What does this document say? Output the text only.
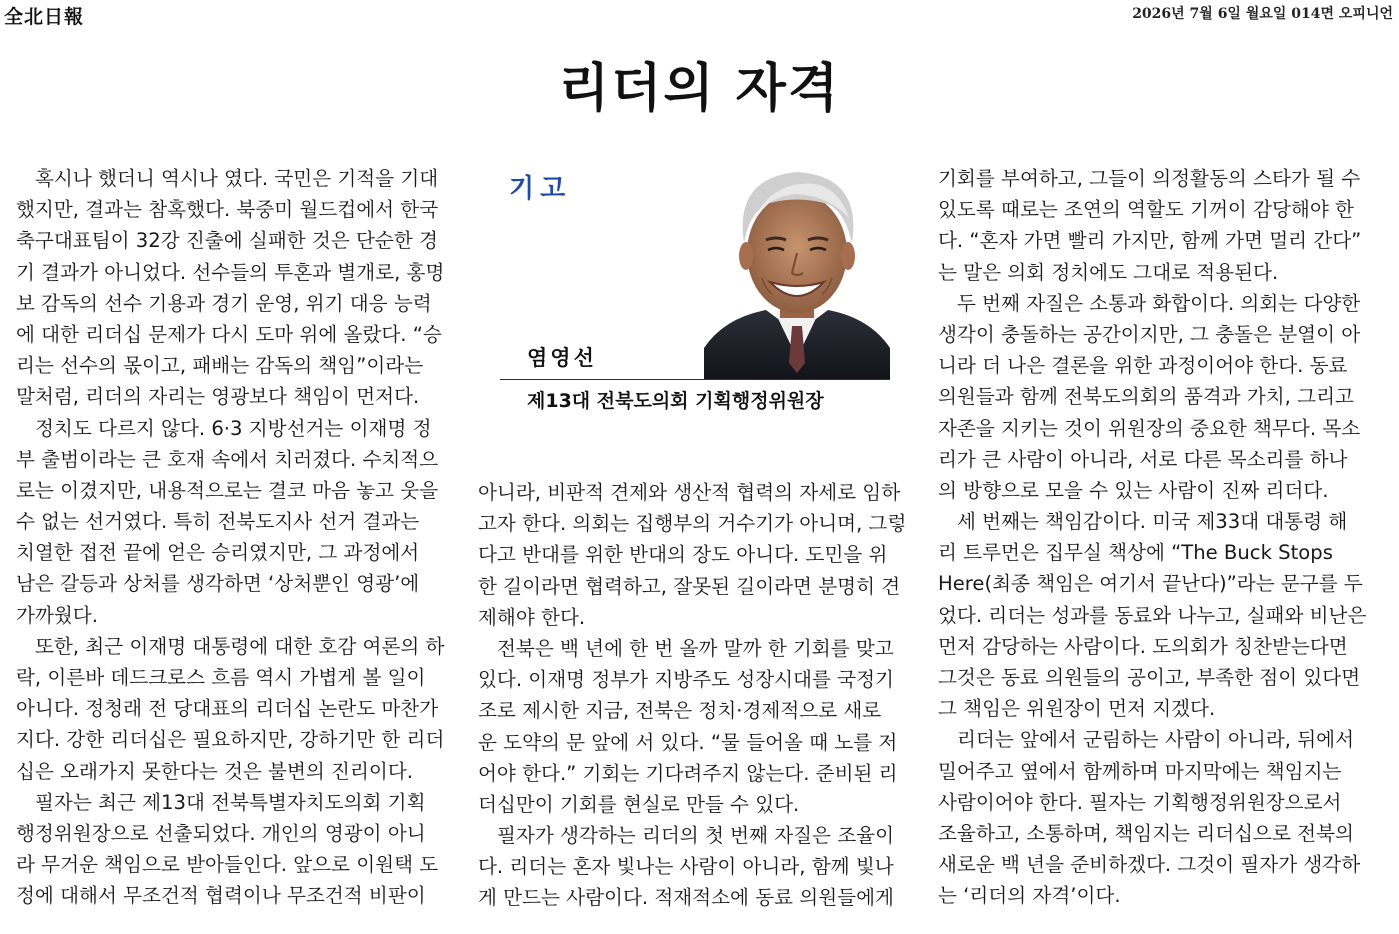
全北日報	2026년 7월 6일 월요일 014면 오피니언
리더의 자격
기고
염영선
제13대 전북도의회 기획행정위원장
혹시나 했더니 역시나 였다. 국민은 기적을 기대
했지만, 결과는 참혹했다. 북중미 월드컵에서 한국
축구대표팀이 32강 진출에 실패한 것은 단순한 경
기 결과가 아니었다. 선수들의 투혼과 별개로, 홍명
보 감독의 선수 기용과 경기 운영, 위기 대응 능력
에 대한 리더십 문제가 다시 도마 위에 올랐다. “승
리는 선수의 몫이고, 패배는 감독의 책임”이라는
말처럼, 리더의 자리는 영광보다 책임이 먼저다.
정치도 다르지 않다. 6·3 지방선거는 이재명 정
부 출범이라는 큰 호재 속에서 치러졌다. 수치적으
로는 이겼지만, 내용적으로는 결코 마음 놓고 웃을
수 없는 선거였다. 특히 전북도지사 선거 결과는
치열한 접전 끝에 얻은 승리였지만, 그 과정에서
남은 갈등과 상처를 생각하면 ‘상처뿐인 영광’에
가까웠다.
또한, 최근 이재명 대통령에 대한 호감 여론의 하
락, 이른바 데드크로스 흐름 역시 가볍게 볼 일이
아니다. 정청래 전 당대표의 리더십 논란도 마찬가
지다. 강한 리더십은 필요하지만, 강하기만 한 리더
십은 오래가지 못한다는 것은 불변의 진리이다.
필자는 최근 제13대 전북특별자치도의회 기획
행정위원장으로 선출되었다. 개인의 영광이 아니
라 무거운 책임으로 받아들인다. 앞으로 이원택 도
정에 대해서 무조건적 협력이나 무조건적 비판이
아니라, 비판적 견제와 생산적 협력의 자세로 임하
고자 한다. 의회는 집행부의 거수기가 아니며, 그렇
다고 반대를 위한 반대의 장도 아니다. 도민을 위
한 길이라면 협력하고, 잘못된 길이라면 분명히 견
제해야 한다.
전북은 백 년에 한 번 올까 말까 한 기회를 맞고
있다. 이재명 정부가 지방주도 성장시대를 국정기
조로 제시한 지금, 전북은 정치·경제적으로 새로
운 도약의 문 앞에 서 있다. “물 들어올 때 노를 저
어야 한다.” 기회는 기다려주지 않는다. 준비된 리
더십만이 기회를 현실로 만들 수 있다.
필자가 생각하는 리더의 첫 번째 자질은 조율이
다. 리더는 혼자 빛나는 사람이 아니라, 함께 빛나
게 만드는 사람이다. 적재적소에 동료 의원들에게
기회를 부여하고, 그들이 의정활동의 스타가 될 수
있도록 때로는 조연의 역할도 기꺼이 감당해야 한
다. “혼자 가면 빨리 가지만, 함께 가면 멀리 간다”
는 말은 의회 정치에도 그대로 적용된다.
두 번째 자질은 소통과 화합이다. 의회는 다양한
생각이 충돌하는 공간이지만, 그 충돌은 분열이 아
니라 더 나은 결론을 위한 과정이어야 한다. 동료
의원들과 함께 전북도의회의 품격과 가치, 그리고
자존을 지키는 것이 위원장의 중요한 책무다. 목소
리가 큰 사람이 아니라, 서로 다른 목소리를 하나
의 방향으로 모을 수 있는 사람이 진짜 리더다.
세 번째는 책임감이다. 미국 제33대 대통령 해
리 트루먼은 집무실 책상에 “The Buck Stops
Here(최종 책임은 여기서 끝난다)”라는 문구를 두
었다. 리더는 성과를 동료와 나누고, 실패와 비난은
먼저 감당하는 사람이다. 도의회가 칭찬받는다면
그것은 동료 의원들의 공이고, 부족한 점이 있다면
그 책임은 위원장이 먼저 지겠다.
리더는 앞에서 군림하는 사람이 아니라, 뒤에서
밀어주고 옆에서 함께하며 마지막에는 책임지는
사람이어야 한다. 필자는 기획행정위원장으로서
조율하고, 소통하며, 책임지는 리더십으로 전북의
새로운 백 년을 준비하겠다. 그것이 필자가 생각하
는 ‘리더의 자격’이다.
